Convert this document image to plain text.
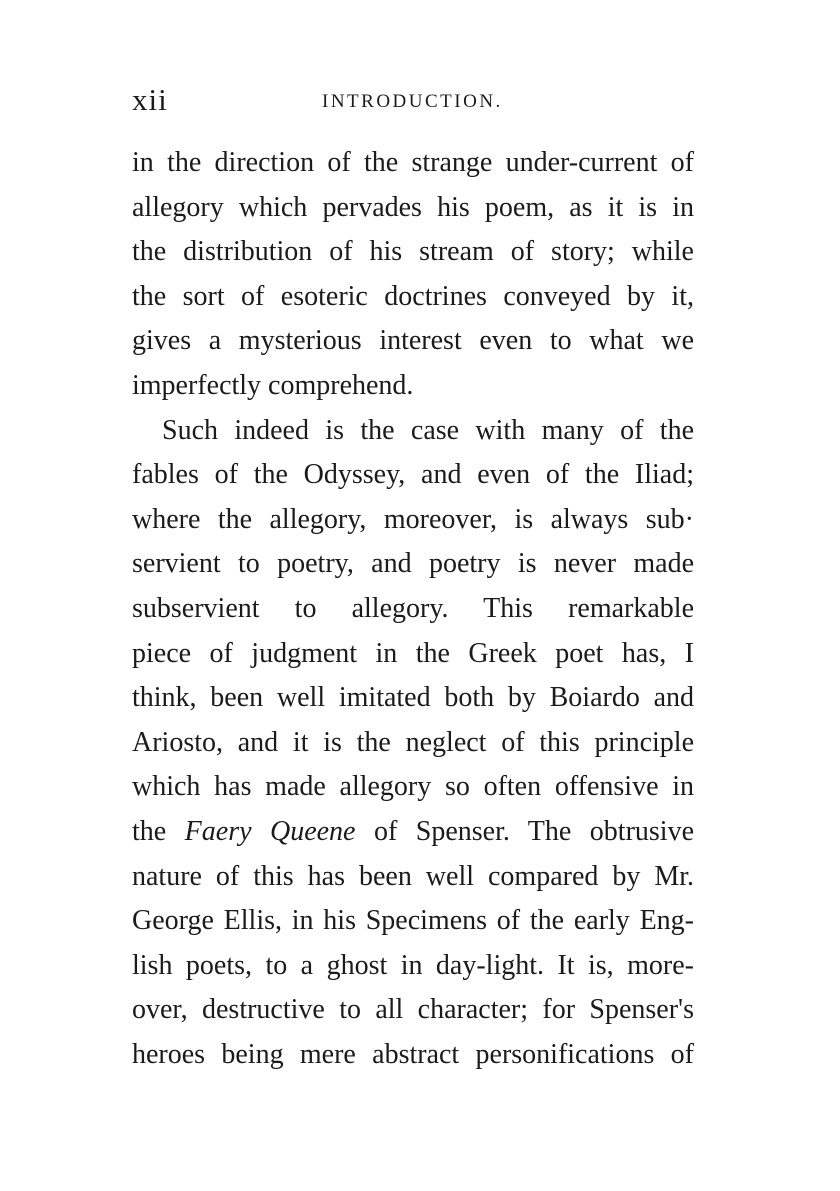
xii	INTRODUCTION.
in the direction of the strange under-current of
allegory which pervades his poem, as it is in
the distribution of his stream of story; while
the sort of esoteric doctrines conveyed by it,
gives a mysterious interest even to what we
imperfectly comprehend.
Such indeed is the case with many of the
fables of the Odyssey, and even of the Iliad;
where the allegory, moreover, is always sub·
servient to poetry, and poetry is never made
subservient to allegory. This remarkable
piece of judgment in the Greek poet has, I
think, been well imitated both by Boiardo and
Ariosto, and it is the neglect of this principle
which has made allegory so often offensive in
the Faery Queene of Spenser. The obtrusive
nature of this has been well compared by Mr.
George Ellis, in his Specimens of the early Eng-
lish poets, to a ghost in day-light. It is, more-
over, destructive to all character; for Spenser's
heroes being mere abstract personifications of
